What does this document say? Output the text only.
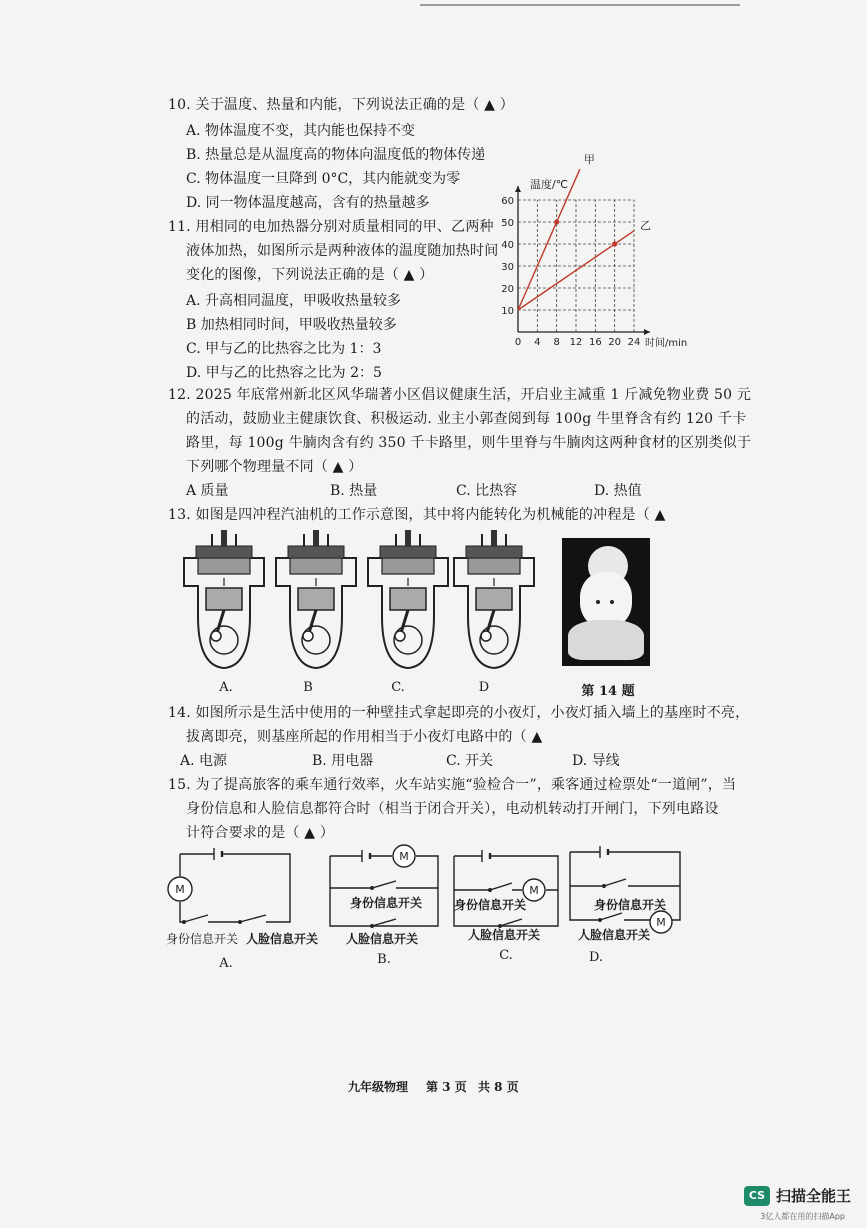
10. 关于温度、热量和内能，下列说法正确的是（ ▲ ）
A. 物体温度不变，其内能也保持不变
B. 热量总是从温度高的物体向温度低的物体传递
C. 物体温度一旦降到 0°C，其内能就变为零
D. 同一物体温度越高，含有的热量越多
11. 用相同的电加热器分别对质量相同的甲、乙两种
液体加热，如图所示是两种液体的温度随加热时间
变化的图像，下列说法正确的是（ ▲ ）
A. 升高相同温度，甲吸收热量较多
B 加热相同时间，甲吸收热量较多
C. 甲与乙的比热容之比为 1：3
D. 甲与乙的比热容之比为 2：5
0 4 8 12 16 20 24
10
20
30
40
50
60
甲
乙
温度/℃
时间/min
12. 2025 年底常州新北区风华瑞著小区倡议健康生活，开启业主减重 1 斤减免物业费 50 元
的活动，鼓励业主健康饮食、积极运动. 业主小郭查阅到每 100g 牛里脊含有约 120 千卡
路里，每 100g 牛腩肉含有约 350 千卡路里，则牛里脊与牛腩肉这两种食材的区别类似于
下列哪个物理量不同（ ▲ ）
A 质量	B. 热量	C. 比热容	D. 热值
13. 如图是四冲程汽油机的工作示意图，其中将内能转化为机械能的冲程是（ ▲
A.	B	C.	D	第 14 题
14. 如图所示是生活中使用的一种壁挂式拿起即亮的小夜灯，小夜灯插入墙上的基座时不亮，
拔离即亮，则基座所起的作用相当于小夜灯电路中的（ ▲
A. 电源	B. 用电器	C. 开关	D. 导线
15. 为了提高旅客的乘车通行效率，火车站实施“验检合一”，乘客通过检票处“一道闸”，当
身份信息和人脸信息都符合时（相当于闭合开关），电动机转动打开闸门，下列电路设
计符合要求的是（ ▲ ）
M
身份信息开关 人脸信息开关
A.
M
身份信息开关
人脸信息开关
B.
M
身份信息开关
人脸信息开关
C.
M
身份信息开关
人脸信息开关
D.
九年级物理 第 3 页 共 8 页
CS 扫描全能王
3亿人都在用的扫描App
